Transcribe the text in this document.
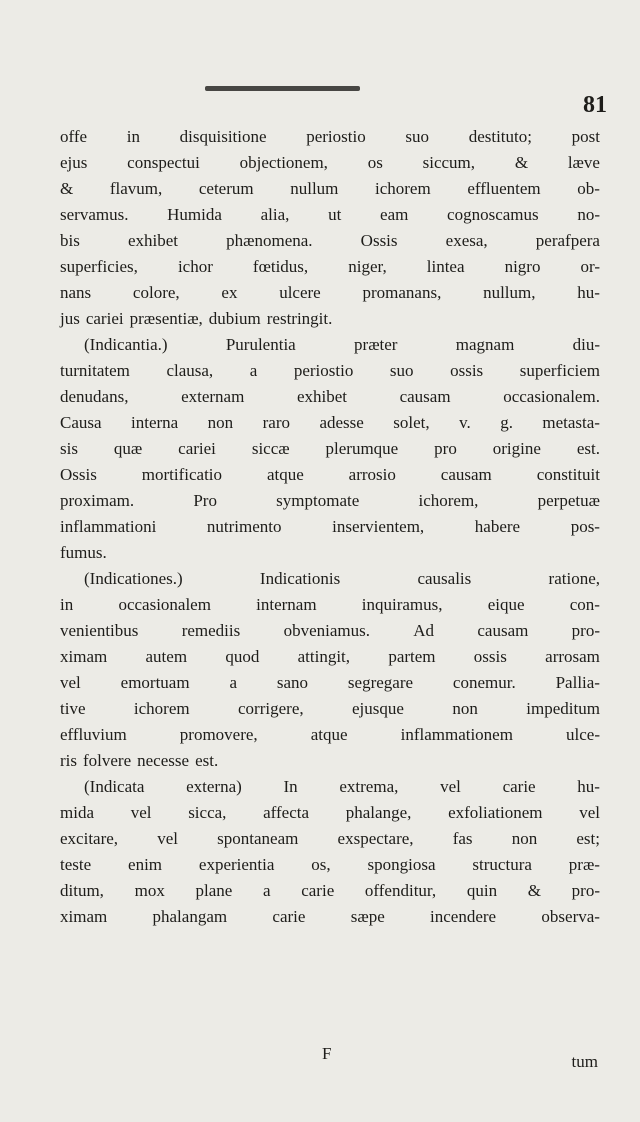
81
offe in disquisitione periostio suo destituto; post
ejus conspectui objectionem, os siccum, & læve
& flavum, ceterum nullum ichorem effluentem ob-
servamus. Humida alia, ut eam cognoscamus no-
bis	exhibet	phænomena.	Ossis	exesa,	perafpera
superficies, ichor fœtidus, niger, lintea nigro or-
nans colore, ex ulcere promanans, nullum, hu-
jus cariei præsentiæ, dubium restringit.
(Indicantia.)	Purulentia	præter	magnam	diu-
turnitatem clausa, a periostio suo ossis superficiem
denudans,	externam	exhibet	causam	occasionalem.
Causa interna non raro adesse solet, v. g. metasta-
sis quæ cariei siccæ plerumque pro origine est.
Ossis	mortificatio	atque	arrosio	causam	constituit
proximam.	Pro	symptomate	ichorem,	perpetuæ
inflammationi	nutrimento	inservientem,	habere	pos-
fumus.
(Indicationes.)	Indicationis	causalis	ratione,
in	occasionalem	internam	inquiramus,	eique	con-
venientibus	remediis	obveniamus.	Ad	causam	pro-
ximam autem quod attingit, partem ossis arrosam
vel emortuam a sano segregare conemur. Pallia-
tive	ichorem	corrigere,	ejusque	non	impeditum
effluvium	promovere,	atque	inflammationem	ulce-
ris folvere necesse est.
(Indicata externa) In extrema, vel carie hu-
mida vel sicca, affecta phalange, exfoliationem vel
excitare, vel spontaneam exspectare, fas non est;
teste enim experientia os, spongiosa structura præ-
ditum, mox plane a carie offenditur, quin & pro-
ximam	phalangam	carie	sæpe	incendere	observa-
F	tum
